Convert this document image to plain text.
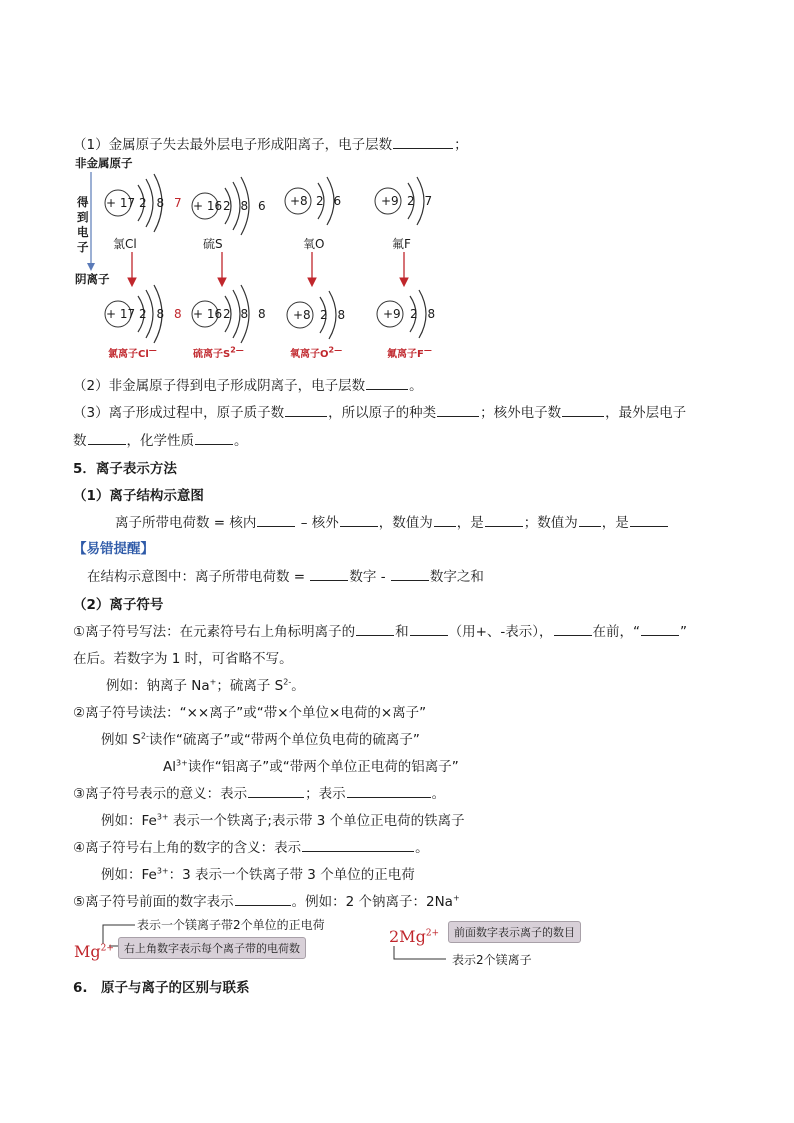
（1）金属原子失去最外层电子形成阳离子，电子层数	；
非金属原子
得
到
电
子
阴离子
+ 17 2 8 7
氯Cl
+ 16 2 8 6
硫S
+8 2 6
氧O
+9 2 7
氟F
+ 17 2 8 8
氯离子Cl—
+ 16 2 8 8
硫离子$S^{2—}$
+8 2 8
氧离子$O^{2—}$
+9 2 8
氟离子F—
（2）非金属原子得到电子形成阴离子，电子层数	。
（3）离子形成过程中，原子质子数	，所以原子的种类	；核外电子数	，最外层电子
数	，化学性质	。
5．离子表示方法
（1）离子结构示意图
离子所带电荷数 = 核内	– 核外	，数值为 ，是	；数值为 ，是
【易错提醒】
在结构示意图中：离子所带电荷数 =	数字 -	数字之和
（2）离子符号
①离子符号写法：在元素符号右上角标明离子的	和	（用+、-表示），	在前，“	”
在后。若数字为 1 时，可省略不写。
例如：钠离子 Na+；硫离子 $S^{2-}$。
②离子符号读法：“××离子”或“带×个单位×电荷的×离子”
例如 $S^{2-}$读作“硫离子”或“带两个单位负电荷的硫离子”
$Al^{3+}$读作“铝离子”或“带两个单位正电荷的铝离子”
③离子符号表示的意义：表示	；表示	。
例如：$Fe^{3+}$ 表示一个铁离子;表示带 3 个单位正电荷的铁离子
④离子符号右上角的数字的含义：表示	。
例如：$Fe^{3+}$：3 表示一个铁离子带 3 个单位的正电荷
⑤离子符号前面的数字表示	。例如：2 个钠离子：2Na+
表示一个镁离子带2个单位的正电荷
$Mg^{2+}$ 右上角数字表示每个离子带的电荷数
$2Mg^{2+}$	前面数字表示离子的数目
表示2个镁离子
6.　原子与离子的区别与联系
